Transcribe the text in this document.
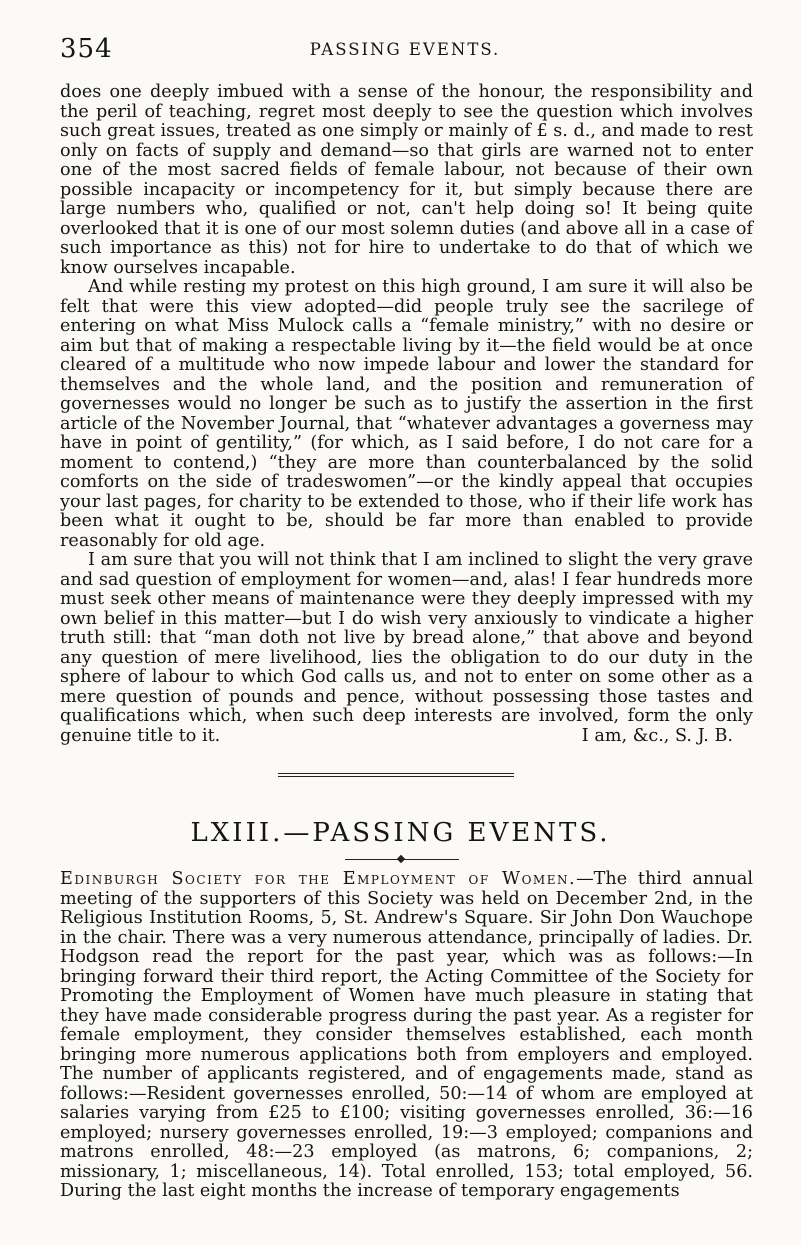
354	PASSING EVENTS.

does one deeply imbued with a sense of the honour, the responsibility and the peril of teaching, regret most deeply to see the question which involves such great issues, treated as one simply or mainly of £ s. d., and made to rest only on facts of supply and demand—so that girls are warned not to enter one of the most sacred fields of female labour, not because of their own possible incapacity or incompetency for it, but simply because there are large numbers who, qualified or not, can't help doing so! It being quite overlooked that it is one of our most solemn duties (and above all in a case of such importance as this) not for hire to undertake to do that of which we know ourselves incapable.

And while resting my protest on this high ground, I am sure it will also be felt that were this view adopted—did people truly see the sacrilege of entering on what Miss Mulock calls a “female ministry,” with no desire or aim but that of making a respectable living by it—the field would be at once cleared of a multitude who now impede labour and lower the standard for themselves and the whole land, and the position and remuneration of governesses would no longer be such as to justify the assertion in the first article of the November Journal, that “whatever advantages a governess may have in point of gentility,” (for which, as I said before, I do not care for a moment to contend,) “they are more than counterbalanced by the solid comforts on the side of tradeswomen”—or the kindly appeal that occupies your last pages, for charity to be extended to those, who if their life work has been what it ought to be, should be far more than enabled to provide reasonably for old age.

I am sure that you will not think that I am inclined to slight the very grave and sad question of employment for women—and, alas! I fear hundreds more must seek other means of maintenance were they deeply impressed with my own belief in this matter—but I do wish very anxiously to vindicate a higher truth still: that “man doth not live by bread alone,” that above and beyond any question of mere livelihood, lies the obligation to do our duty in the sphere of labour to which God calls us, and not to enter on some other as a mere question of pounds and pence, without possessing those tastes and qualifications which, when such deep interests are involved, form the only genuine title to it.	I am, &c., S. J. B.

LXIII.—PASSING EVENTS.

Edinburgh Society for the Employment of Women.—The third annual meeting of the supporters of this Society was held on December 2nd, in the Religious Institution Rooms, 5, St. Andrew's Square. Sir John Don Wauchope in the chair. There was a very numerous attendance, principally of ladies. Dr. Hodgson read the report for the past year, which was as follows:—In bringing forward their third report, the Acting Committee of the Society for Promoting the Employment of Women have much pleasure in stating that they have made considerable progress during the past year. As a register for female employment, they consider themselves established, each month bringing more numerous applications both from employers and employed. The number of applicants registered, and of engagements made, stand as follows:—Resident governesses enrolled, 50:—14 of whom are employed at salaries varying from £25 to £100; visiting governesses enrolled, 36:—16 employed; nursery governesses enrolled, 19:—3 employed; companions and matrons enrolled, 48:—23 employed (as matrons, 6; companions, 2; missionary, 1; miscellaneous, 14). Total enrolled, 153; total employed, 56. During the last eight months the increase of temporary engagements
